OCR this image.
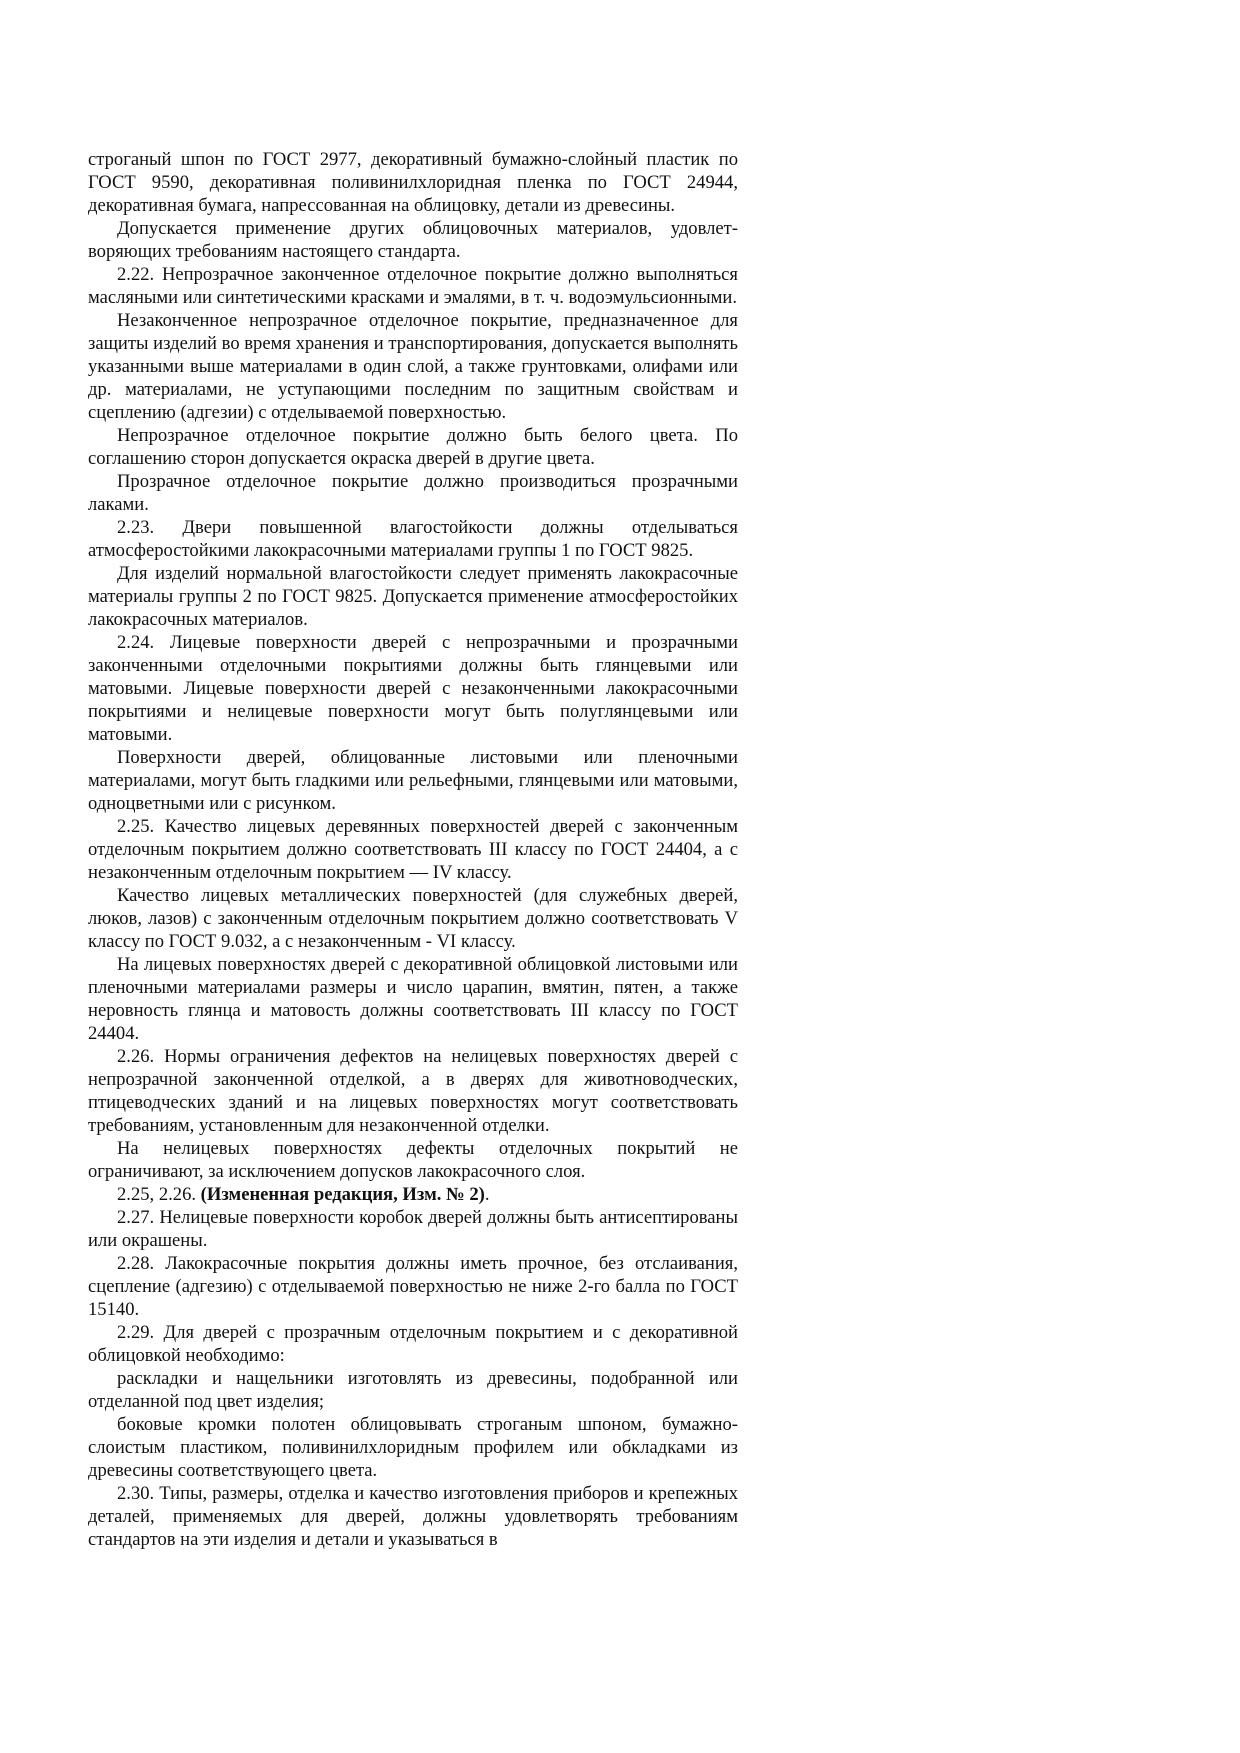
строганый шпон по ГОСТ 2977, декоративный бумажно-слойный пластик по ГОСТ 9590, декоративная поливинилхлоридная пленка по ГОСТ 24944, декоративная бумага, напрессованная на облицовку, детали из древесины.

Допускается применение других облицовочных материалов, удовлетворяющих требованиям настоящего стандарта.

2.22. Непрозрачное законченное отделочное покрытие должно выполняться масляными или синтетическими красками и эмалями, в т. ч. водоэмульсионными.

Незаконченное непрозрачное отделочное покрытие, предназначенное для защиты изделий во время хранения и транспортирования, допускается выполнять указанными выше материалами в один слой, а также грунтовками, олифами или др. материалами, не уступающими последним по защитным свойствам и сцеплению (адгезии) с отделываемой поверхностью.

Непрозрачное отделочное покрытие должно быть белого цвета. По соглашению сторон допускается окраска дверей в другие цвета.

Прозрачное отделочное покрытие должно производиться прозрачными лаками.

2.23. Двери повышенной влагостойкости должны отделываться атмосферостойкими лакокрасочными материалами группы 1 по ГОСТ 9825.

Для изделий нормальной влагостойкости следует применять лакокрасочные материалы группы 2 по ГОСТ 9825. Допускается применение атмосферостойких лакокрасочных материалов.

2.24. Лицевые поверхности дверей с непрозрачными и прозрачными законченными отделочными покрытиями должны быть глянцевыми или матовыми. Лицевые поверхности дверей с незаконченными лакокрасочными покрытиями и нелицевые поверхности могут быть полуглянцевыми или матовыми.

Поверхности дверей, облицованные листовыми или пленочными материалами, могут быть гладкими или рельефными, глянцевыми или матовыми, одноцветными или с рисунком.

2.25. Качество лицевых деревянных поверхностей дверей с законченным отделочным покрытием должно соответствовать III классу по ГОСТ 24404, а с незаконченным отделочным покрытием — IV классу.

Качество лицевых металлических поверхностей (для служебных дверей, люков, лазов) с законченным отделочным покрытием должно соответствовать V классу по ГОСТ 9.032, а с незаконченным - VI классу.

На лицевых поверхностях дверей с декоративной облицовкой листовыми или пленочными материалами размеры и число царапин, вмятин, пятен, а также неровность глянца и матовость должны соответствовать III классу по ГОСТ 24404.

2.26. Нормы ограничения дефектов на нелицевых поверхностях дверей с непрозрачной законченной отделкой, а в дверях для животноводческих, птицеводческих зданий и на лицевых поверхностях могут соответствовать требованиям, установленным для незаконченной отделки.

На нелицевых поверхностях дефекты отделочных покрытий не ограничивают, за исключением допусков лакокрасочного слоя.

2.25, 2.26. (Измененная редакция, Изм. № 2).

2.27. Нелицевые поверхности коробок дверей должны быть антисептированы или окрашены.

2.28. Лакокрасочные покрытия должны иметь прочное, без отслаивания, сцепление (адгезию) с отделываемой поверхностью не ниже 2-го балла по ГОСТ 15140.

2.29. Для дверей с прозрачным отделочным покрытием и с декоративной облицовкой необходимо:

раскладки и нащельники изготовлять из древесины, подобранной или отделанной под цвет изделия;

боковые кромки полотен облицовывать строганым шпоном, бумажнослоистым пластиком, поливинилхлоридным профилем или обкладками из древесины соответствующего цвета.

2.30. Типы, размеры, отделка и качество изготовления приборов и крепежных деталей, применяемых для дверей, должны удовлетворять требованиям стандартов на эти изделия и детали и указываться в
